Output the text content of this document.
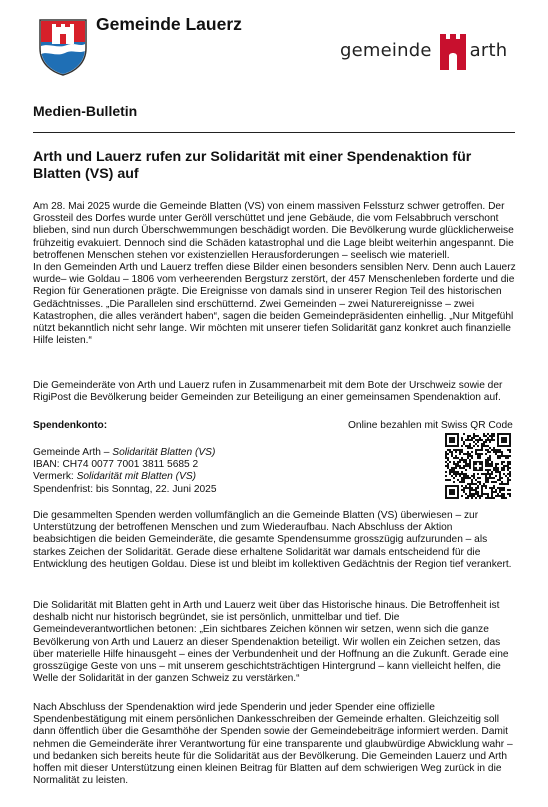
Gemeinde Lauerz
gemeinde arth
Medien-Bulletin
Arth und Lauerz rufen zur Solidarität mit einer Spendenaktion für Blatten (VS) auf
Am 28. Mai 2025 wurde die Gemeinde Blatten (VS) von einem massiven Felssturz schwer getroffen. Der Grossteil des Dorfes wurde unter Geröll verschüttet und jene Gebäude, die vom Felsabbruch verschont blieben, sind nun durch Überschwemmungen beschädigt worden. Die Bevölkerung wurde glücklicherweise frühzeitig evakuiert. Dennoch sind die Schäden katastrophal und die Lage bleibt weiterhin angespannt. Die betroffenen Menschen stehen vor existenziellen Herausforderungen – seelisch wie materiell.
In den Gemeinden Arth und Lauerz treffen diese Bilder einen besonders sensiblen Nerv. Denn auch Lauerz wurde– wie Goldau – 1806 vom verheerenden Bergsturz zerstört, der 457 Menschenleben forderte und die Region für Generationen prägte. Die Ereignisse von damals sind in unserer Region Teil des historischen Gedächtnisses. „Die Parallelen sind erschütternd. Zwei Gemeinden – zwei Naturereignisse – zwei Katastrophen, die alles verändert haben“, sagen die beiden Gemeindepräsidenten einhellig. „Nur Mitgefühl nützt bekanntlich nicht sehr lange. Wir möchten mit unserer tiefen Solidarität ganz konkret auch finanzielle Hilfe leisten.“
Die Gemeinderäte von Arth und Lauerz rufen in Zusammenarbeit mit dem Bote der Urschweiz sowie der RigiPost die Bevölkerung beider Gemeinden zur Beteiligung an einer gemeinsamen Spendenaktion auf.
Spendenkonto:	Online bezahlen mit Swiss QR Code
Gemeinde Arth – Solidarität Blatten (VS)
IBAN: CH74 0077 7001 3811 5685 2
Vermerk: Solidarität mit Blatten (VS)
Spendenfrist: bis Sonntag, 22. Juni 2025
Die gesammelten Spenden werden vollumfänglich an die Gemeinde Blatten (VS) überwiesen – zur Unterstützung der betroffenen Menschen und zum Wiederaufbau. Nach Abschluss der Aktion beabsichtigen die beiden Gemeinderäte, die gesamte Spendensumme grosszügig aufzurunden – als starkes Zeichen der Solidarität. Gerade diese erhaltene Solidarität war damals entscheidend für die Entwicklung des heutigen Goldau. Diese ist und bleibt im kollektiven Gedächtnis der Region tief verankert.
Die Solidarität mit Blatten geht in Arth und Lauerz weit über das Historische hinaus. Die Betroffenheit ist deshalb nicht nur historisch begründet, sie ist persönlich, unmittelbar und tief. Die Gemeindeverantwortlichen betonen: „Ein sichtbares Zeichen können wir setzen, wenn sich die ganze Bevölkerung von Arth und Lauerz an dieser Spendenaktion beteiligt. Wir wollen ein Zeichen setzen, das über materielle Hilfe hinausgeht – eines der Verbundenheit und der Hoffnung an die Zukunft. Gerade eine grosszügige Geste von uns – mit unserem geschichtsträchtigen Hintergrund – kann vielleicht helfen, die Welle der Solidarität in der ganzen Schweiz zu verstärken.“
Nach Abschluss der Spendenaktion wird jede Spenderin und jeder Spender eine offizielle Spendenbestätigung mit einem persönlichen Dankesschreiben der Gemeinde erhalten. Gleichzeitig soll dann öffentlich über die Gesamthöhe der Spenden sowie der Gemeindebeiträge informiert werden. Damit nehmen die Gemeinderäte ihrer Verantwortung für eine transparente und glaubwürdige Abwicklung wahr – und bedanken sich bereits heute für die Solidarität aus der Bevölkerung. Die Gemeinden Lauerz und Arth hoffen mit dieser Unterstützung einen kleinen Beitrag für Blatten auf dem schwierigen Weg zurück in die Normalität zu leisten.
